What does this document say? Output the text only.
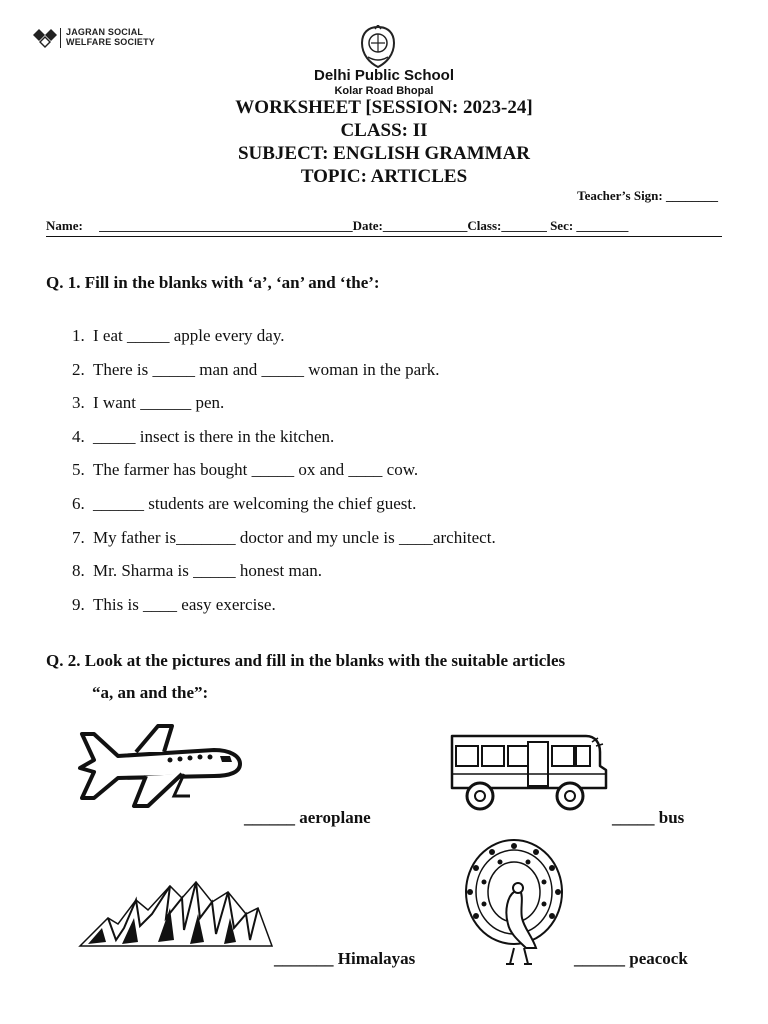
JAGRAN SOCIAL
WELFARE SOCIETY
Delhi Public School
Kolar Road Bhopal
WORKSHEET [SESSION: 2023-24]
CLASS: II
SUBJECT: ENGLISH GRAMMAR
TOPIC: ARTICLES
Teacher’s Sign: ________
Name:     _______________________________________Date:_____________Class:_______ Sec: ________
Q. 1. Fill in the blanks with ‘a’, ‘an’ and ‘the’:
1. I eat _____ apple every day.
2. There is _____ man and _____ woman in the park.
3. I want ______ pen.
4. _____ insect is there in the kitchen.
5. The farmer has bought _____ ox and ____ cow.
6. ______ students are welcoming the chief guest.
7. My father is_______ doctor and my uncle is ____architect.
8. Mr. Sharma is _____ honest man.
9. This is ____ easy exercise.
Q. 2. Look at the pictures and fill in the blanks with the suitable articles
“a, an and the”:
______ aeroplane	_____ bus
_______ Himalayas	______ peacock
